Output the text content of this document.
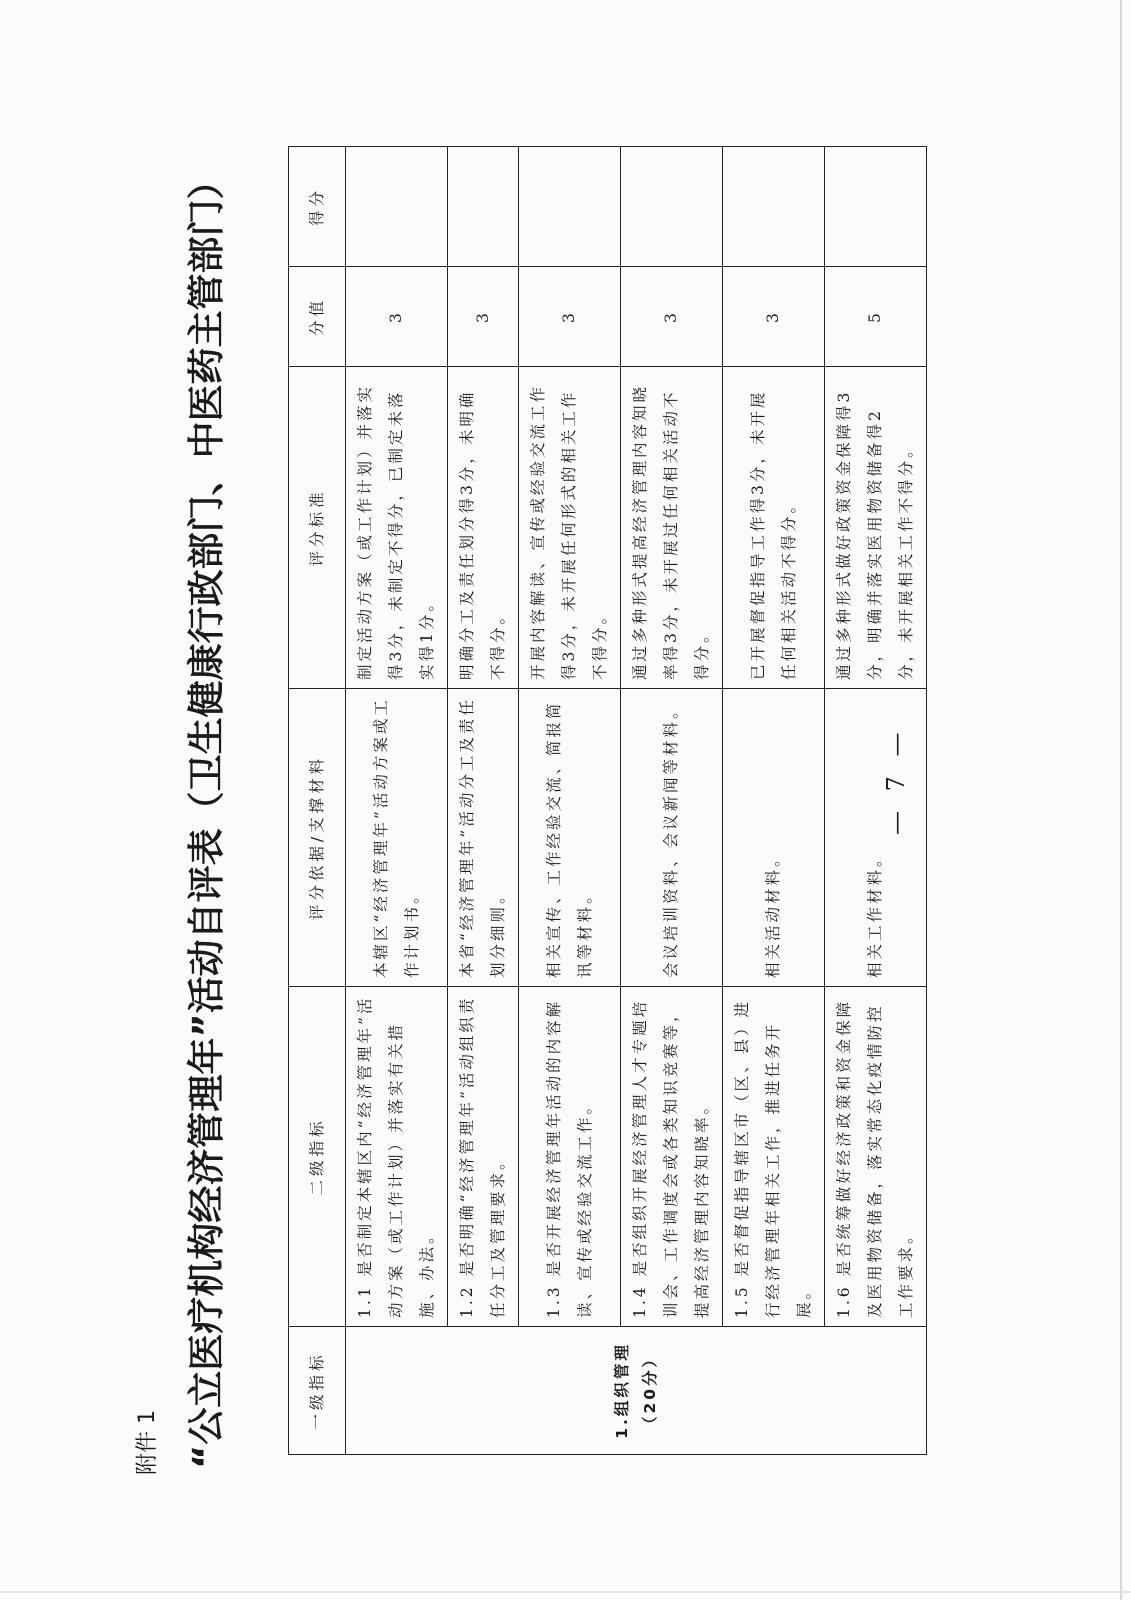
附件 1 “公立医疗机构经济管理年”活动自评表（卫生健康行政部门、中医药主管部门）	一级指标	二级指标	评分依据/支撑材料	评分标准	分值	得分
1.组织管理（20分）	1.1 是否制定本辖区内“经济管理年”活动方案（或工作计划）并落实有关措施、办法。	本辖区“经济管理年”活动方案或工作计划书。	制定活动方案（或工作计划）并落实得3分，未制定不得分，已制定未落实得1分。	3	
	1.2 是否明确“经济管理年”活动组织责任分工及管理要求。	本省“经济管理年”活动分工及责任划分细则。	明确分工及责任划分得3分，未明确不得分。	3	
	1.3 是否开展经济管理年活动的内容解读、宣传或经验交流工作。	相关宣传、工作经验交流、简报简讯等材料。	开展内容解读、宣传或经验交流工作得3分，未开展任何形式的相关工作不得分。	3	
	1.4 是否组织开展经济管理人才专题培训会、工作调度会或各类知识竞赛等，提高经济管理内容知晓率。	会议培训资料、会议新闻等材料。	通过多种形式提高经济管理内容知晓率得3分，未开展过任何相关活动不得分。	3	
	1.5 是否督促指导辖区市（区、县）进行经济管理年相关工作，推进任务开展。	相关活动材料。	已开展督促指导工作得3分，未开展任何相关活动不得分。	3	
	1.6 是否统筹做好经济政策和资金保障及医用物资储备，落实常态化疫情防控工作要求。	相关工作材料。	通过多种形式做好政策资金保障得3分，明确并落实医用物资储备得2分，未开展相关工作不得分。	5	
— 7 —
